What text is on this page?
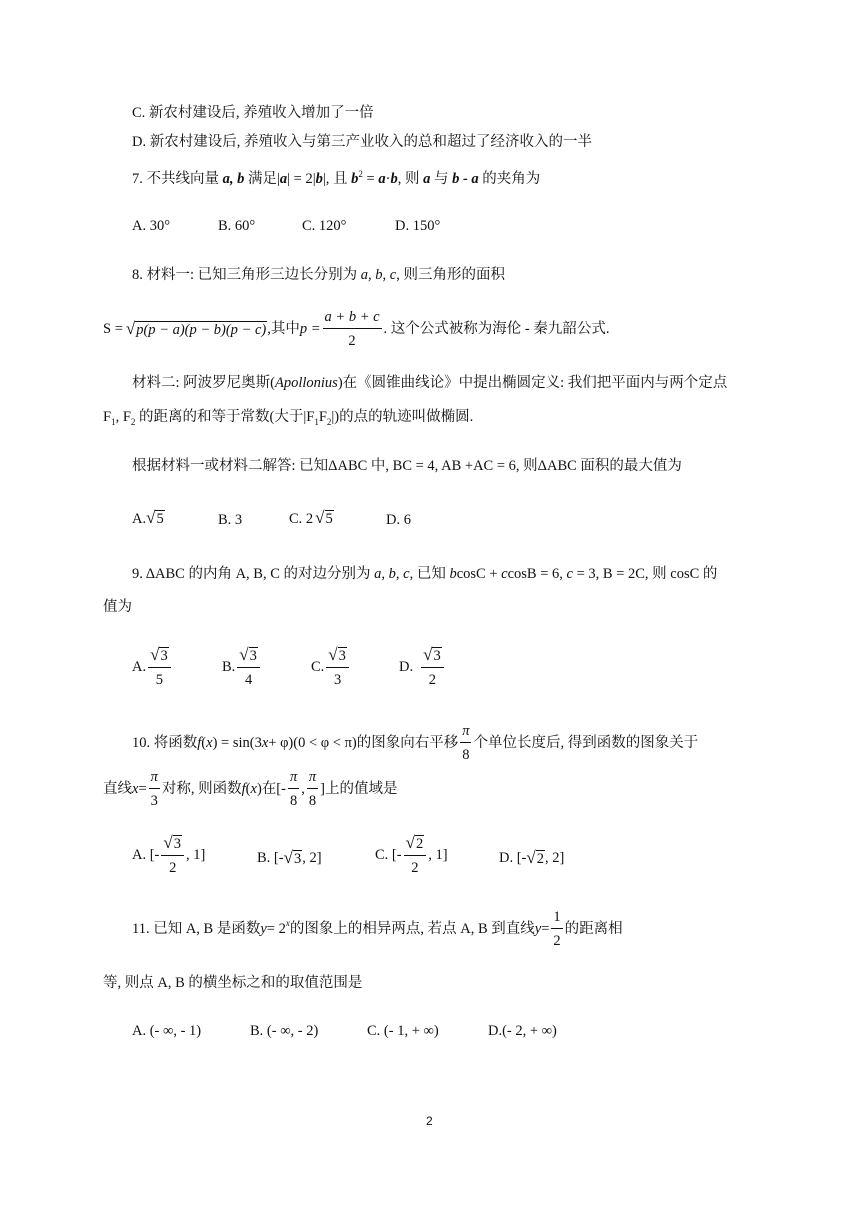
C. 新农村建设后, 养殖收入增加了一倍
D. 新农村建设后, 养殖收入与第三产业收入的总和超过了经济收入的一半
7. 不共线向量 a, b 满足|a| = 2|b|, 且 $b^2 = a\cdot b$, 则 a 与 b - a 的夹角为
A. 30°	B. 60°	C. 120°	D. 150°
8. 材料一: 已知三角形三边长分别为 a, b, c, 则三角形的面积
S = √p(p − a)(p − b)(p − c) ,其中 $p = \frac{a + b + c}{2}$ . 这个公式被称为海伦 - 秦九韶公式.
材料二: 阿波罗尼奥斯(Apollonius)在《圆锥曲线论》中提出椭圆定义: 我们把平面内与两个定点
$F_1$, $F_2$ 的距离的和等于常数(大于$|F_1F_2|$)的点的轨迹叫做椭圆.
根据材料一或材料二解答: 已知ΔABC 中, BC = 4, AB +AC = 6, 则ΔABC 面积的最大值为
A.√5	B. 3	C. 2 √5	D. 6
9. ΔABC 的内角 A, B, C 的对边分别为 a, b, c, 已知 bcosC + ccosB = 6, c = 3, B = 2C, 则 cosC 的
值为
A. $\frac{√3}{5}$	B. $\frac{√3}{4}$	C. $\frac{√3}{3}$	D. $\frac{√3}{2}$
10. 将函数 f ( x ) = sin(3 x + φ)(0 < φ < π)的图象向右平移 $\frac{\pi}{8}$ 个单位长度后, 得到函数的图象关于
直线 $x = \frac{\pi}{3}$ 对称, 则函数 f ( x )在[- $\frac{\pi}{8}$ , $\frac{\pi}{8}$ ]上的值域是
A. [- $\frac{√3}{2}$ , 1]	B. [- √3 , 2]	C. [- $\frac{√2}{2}$ , 1]	D. [- √2 , 2]
11. 已知 A, B 是函数 $y = 2^x$ 的图象上的相异两点, 若点 A, B 到直线 $y = \frac{1}{2}$ 的距离相
等, 则点 A, B 的横坐标之和的取值范围是
A. (- ∞, - 1)	B. (- ∞, - 2)	C. (- 1, + ∞)	D.(- 2, + ∞)
2
